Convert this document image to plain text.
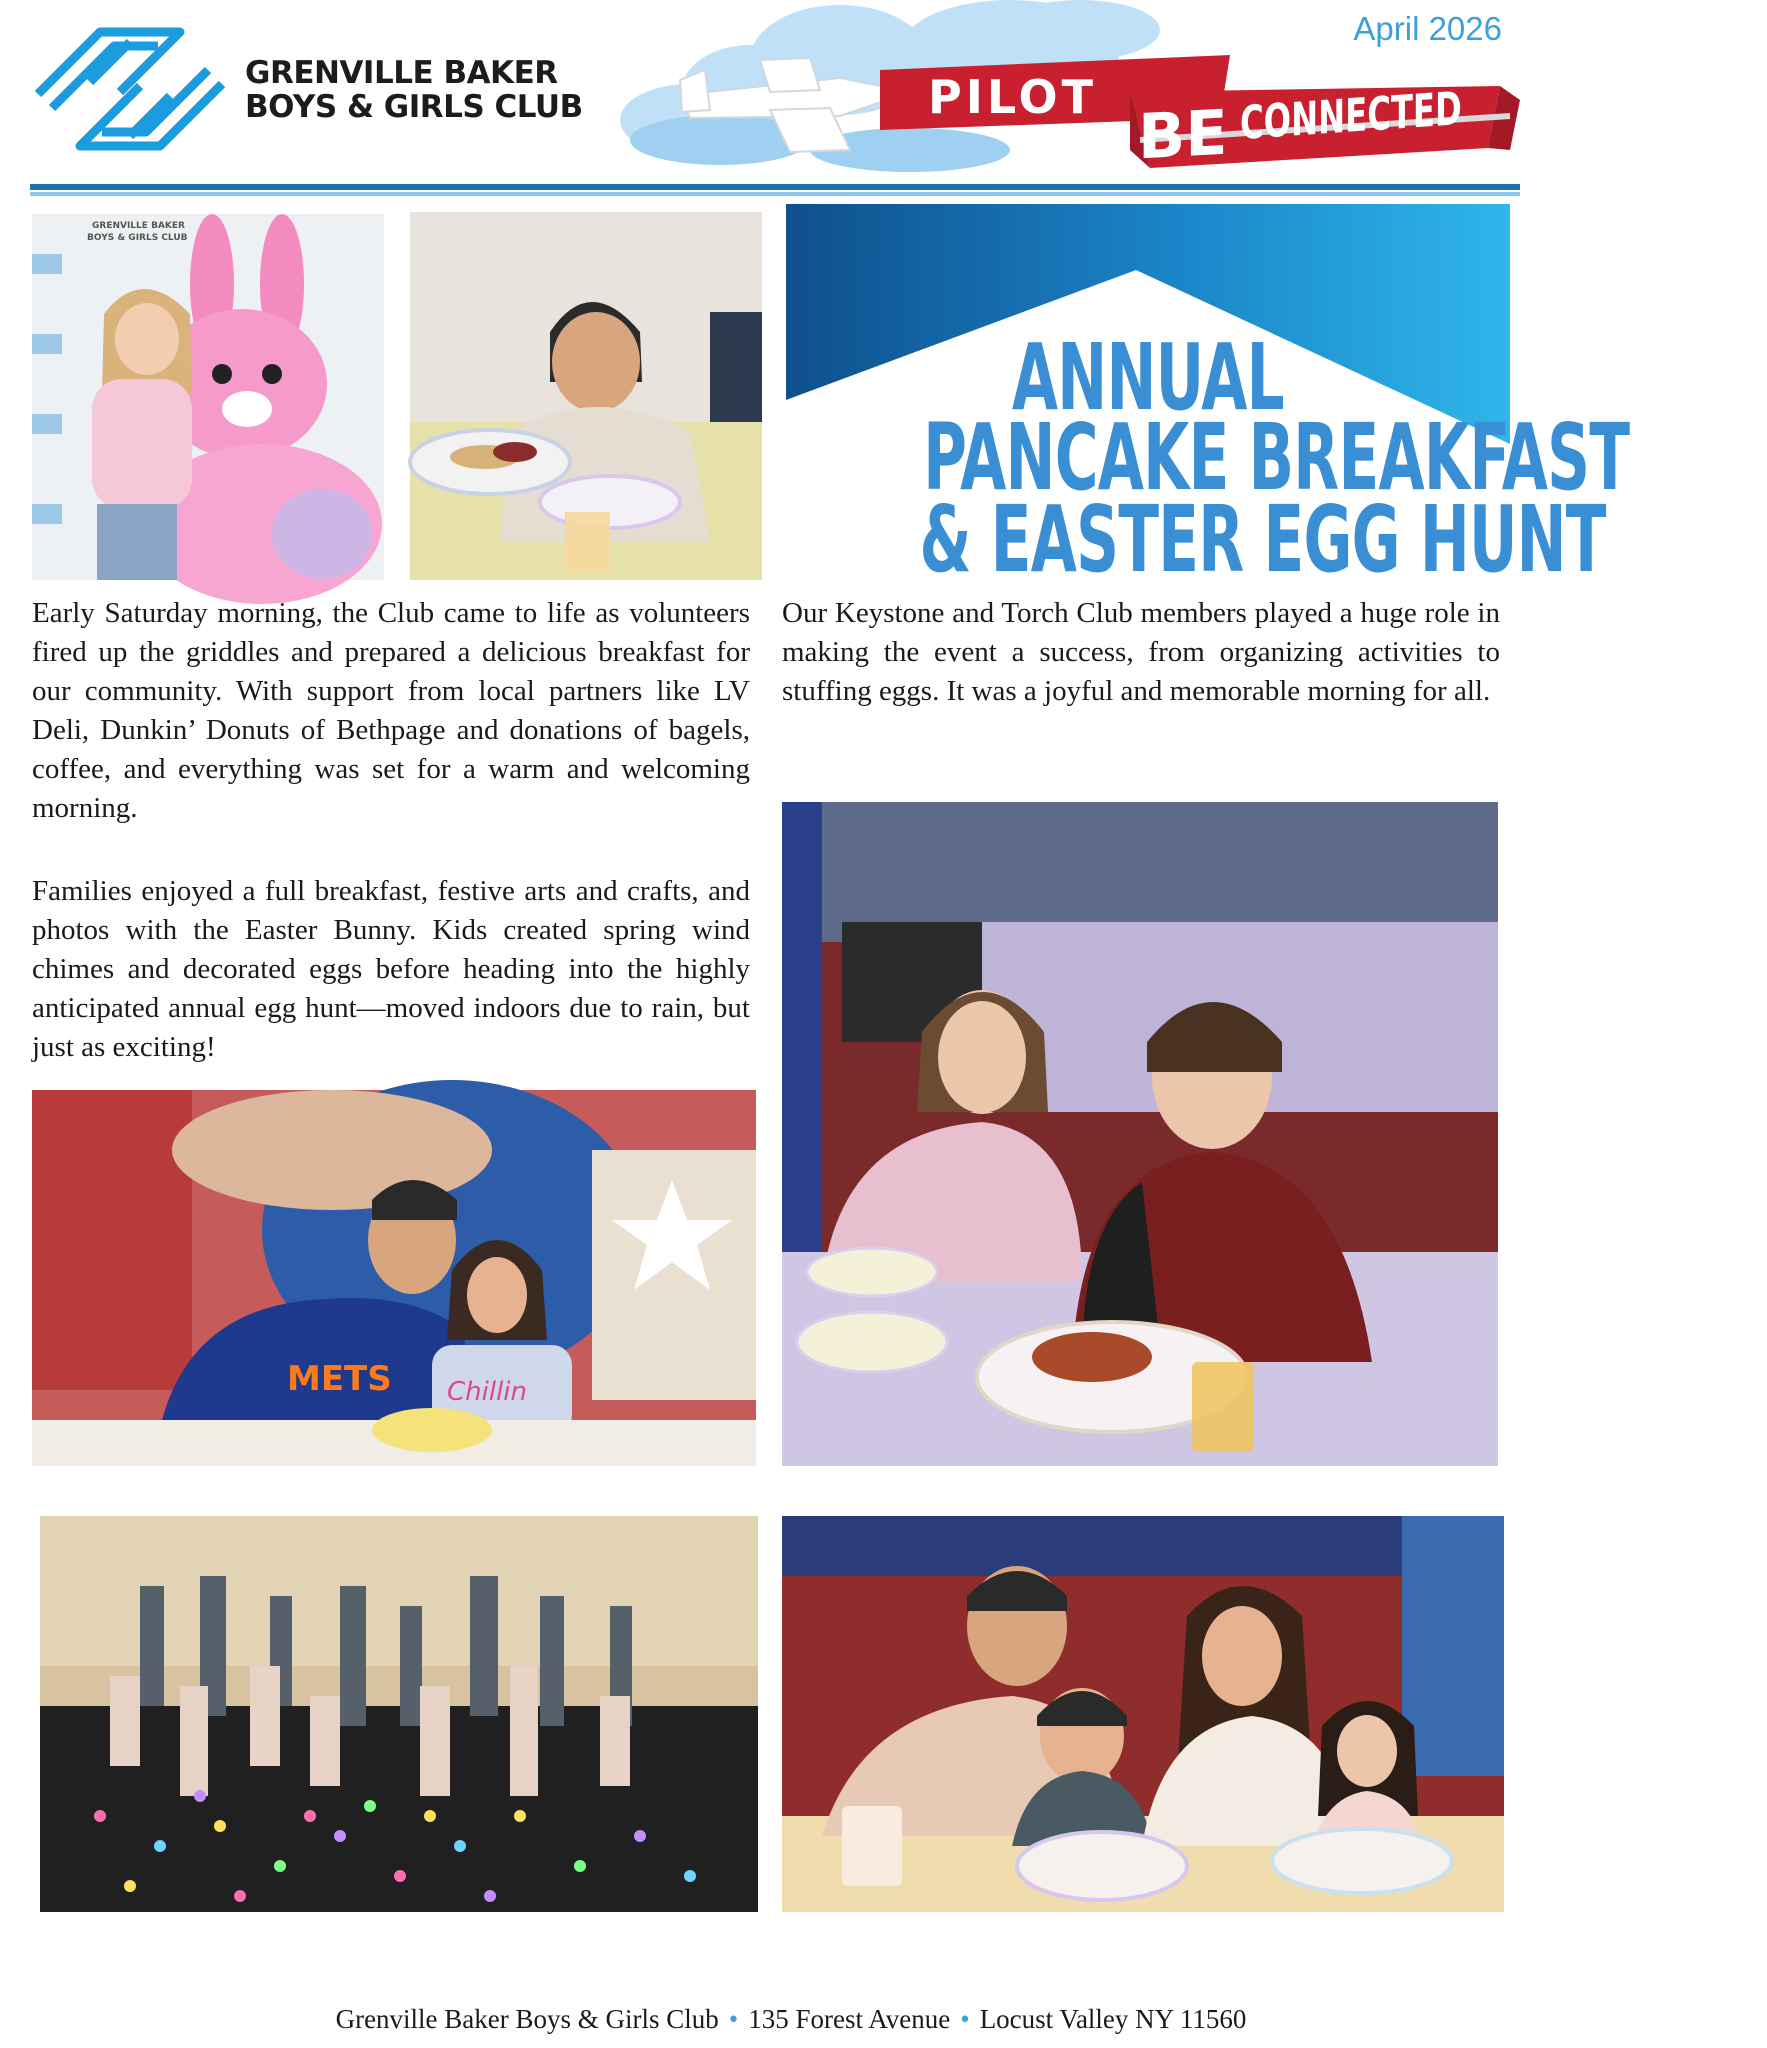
GRENVILLE BAKER
BOYS & GIRLS CLUB	PILOT BE CONNECTED
April 2026
GRENVILLE BAKER
BOYS & GIRLS CLUB
METS Chillin
ANNUAL
PANCAKE BREAKFAST
& EASTER EGG HUNT

Early Saturday morning, the Club came to life as volunteers fired up the griddles and prepared a delicious breakfast for our community. With support from local partners like LV Deli, Dunkin’ Donuts of Bethpage and donations of bagels, coffee, and everything was set for a warm and welcoming morning.

Families enjoyed a full breakfast, festive arts and crafts, and photos with the Easter Bunny. Kids created spring wind chimes and decorated eggs before heading into the highly anticipated annual egg hunt—moved indoors due to rain, but just as exciting!

Our Keystone and Torch Club members played a huge role in making the event a success, from organizing activities to stuffing eggs. It was a joyful and memorable morning for all.

Grenville Baker Boys & Girls Club • 135 Forest Avenue • Locust Valley NY 11560
